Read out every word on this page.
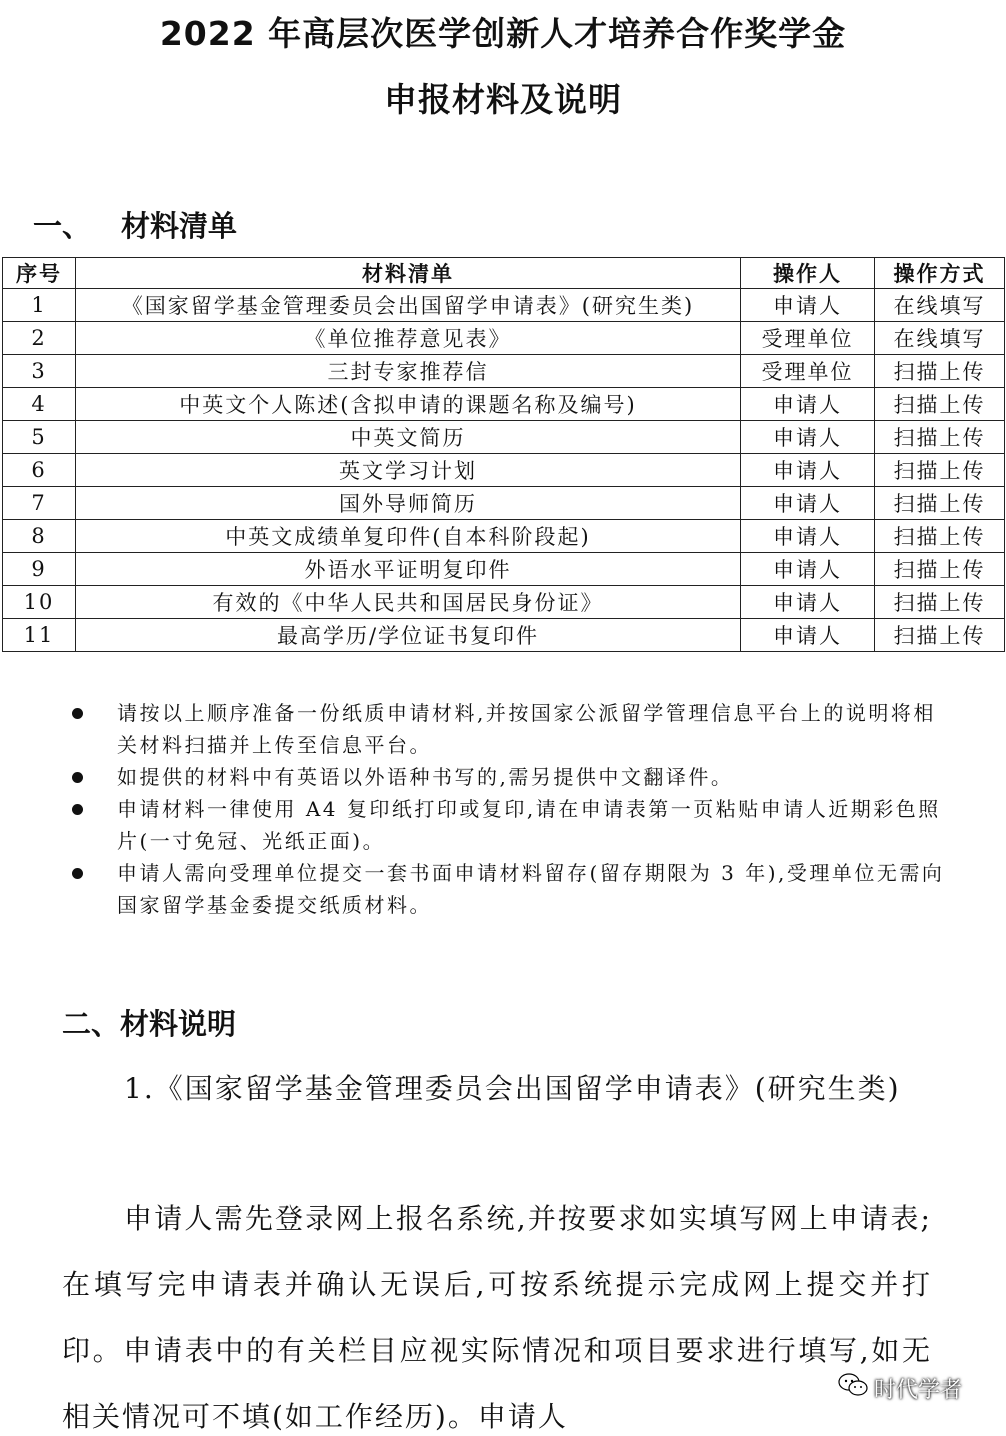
2022 年高层次医学创新人才培养合作奖学金
申报材料及说明
一、 材料清单
序号	材料清单	操作人	操作方式
1	《国家留学基金管理委员会出国留学申请表》(研究生类)	申请人	在线填写
2	《单位推荐意见表》	受理单位	在线填写
3	三封专家推荐信	受理单位	扫描上传
4	中英文个人陈述(含拟申请的课题名称及编号)	申请人	扫描上传
5	中英文简历	申请人	扫描上传
6	英文学习计划	申请人	扫描上传
7	国外导师简历	申请人	扫描上传
8	中英文成绩单复印件(自本科阶段起)	申请人	扫描上传
9	外语水平证明复印件	申请人	扫描上传
10	有效的《中华人民共和国居民身份证》	申请人	扫描上传
11	最高学历/学位证书复印件	申请人	扫描上传
请按以上顺序准备一份纸质申请材料,并按国家公派留学管理信息平台上的说明将相关材料扫描并上传至信息平台。
如提供的材料中有英语以外语种书写的,需另提供中文翻译件。
申请材料一律使用 A4 复印纸打印或复印,请在申请表第一页粘贴申请人近期彩色照片(一寸免冠、光纸正面)。
申请人需向受理单位提交一套书面申请材料留存(留存期限为 3 年),受理单位无需向国家留学基金委提交纸质材料。
二、材料说明

1.《国家留学基金管理委员会出国留学申请表》(研究生类)

申请人需先登录网上报名系统,并按要求如实填写网上申请表;在填写完申请表并确认无误后,可按系统提示完成网上提交并打印。申请表中的有关栏目应视实际情况和项目要求进行填写,如无相关情况可不填(如工作经历)。申请人

时代学者
